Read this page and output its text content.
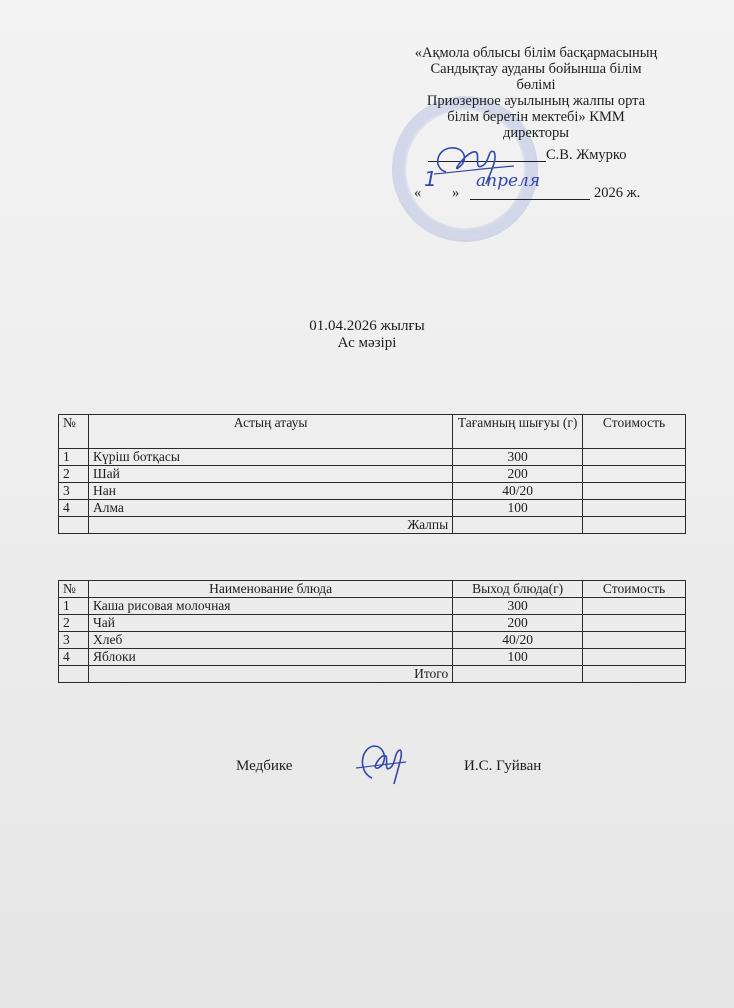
«Ақмола облысы білім басқармасының
Сандықтау ауданы бойынша білім
бөлімі
Приозерное ауылының жалпы орта
білім беретін мектебі» КММ
директоры
С.В. Жмурко
«
1
»
апреля
2026 ж.
01.04.2026 жылғы
Ас мәзірі
№	Астың атауы	Тағамның шығуы (г)	Стоимость
1	Күріш ботқасы	300	
2	Шай	200	
3	Нан	40/20	
4	Алма	100	
	Жалпы		
№	Наименование блюда	Выход блюда(г)	Стоимость
1	Каша рисовая молочная	300	
2	Чай	200	
3	Хлеб	40/20	
4	Яблоки	100	
	Итого		
Медбике	И.С. Гуйван
